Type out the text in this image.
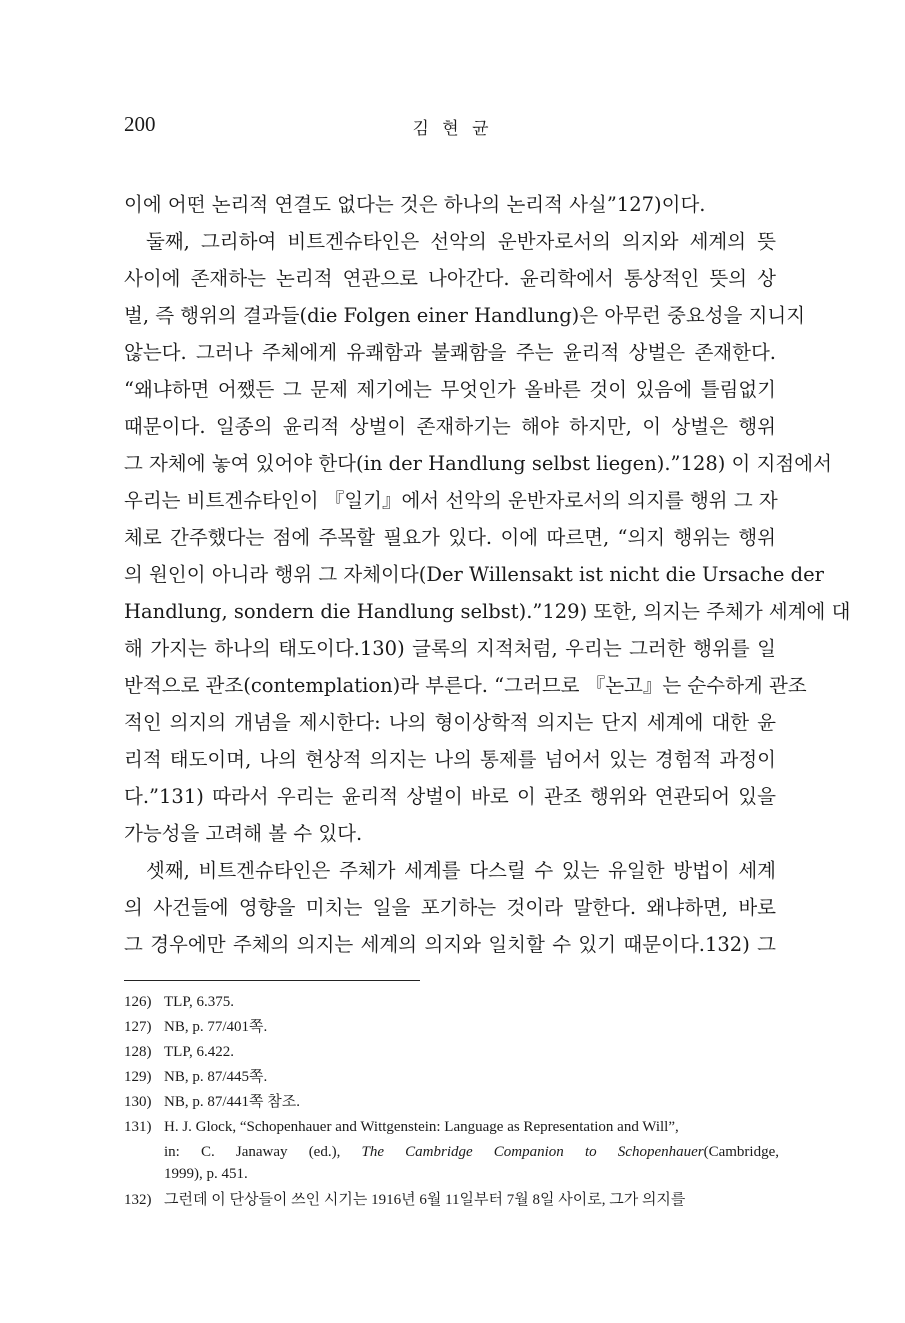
200	김 현 균
이에 어떤 논리적 연결도 없다는 것은 하나의 논리적 사실”127)이다.
둘째, 그리하여 비트겐슈타인은 선악의 운반자로서의 의지와 세계의 뜻
사이에 존재하는 논리적 연관으로 나아간다. 윤리학에서 통상적인 뜻의 상
벌, 즉 행위의 결과들(die Folgen einer Handlung)은 아무런 중요성을 지니지
않는다. 그러나 주체에게 유쾌함과 불쾌함을 주는 윤리적 상벌은 존재한다.
“왜냐하면 어쨌든 그 문제 제기에는 무엇인가 올바른 것이 있음에 틀림없기
때문이다. 일종의 윤리적 상벌이 존재하기는 해야 하지만, 이 상벌은 행위
그 자체에 놓여 있어야 한다(in der Handlung selbst liegen).”128) 이 지점에서
우리는 비트겐슈타인이 『일기』에서 선악의 운반자로서의 의지를 행위 그 자
체로 간주했다는 점에 주목할 필요가 있다. 이에 따르면, “의지 행위는 행위
의 원인이 아니라 행위 그 자체이다(Der Willensakt ist nicht die Ursache der
Handlung, sondern die Handlung selbst).”129) 또한, 의지는 주체가 세계에 대
해 가지는 하나의 태도이다.130) 글록의 지적처럼, 우리는 그러한 행위를 일
반적으로 관조(contemplation)라 부른다. “그러므로 『논고』는 순수하게 관조
적인 의지의 개념을 제시한다: 나의 형이상학적 의지는 단지 세계에 대한 윤
리적 태도이며, 나의 현상적 의지는 나의 통제를 넘어서 있는 경험적 과정이
다.”131) 따라서 우리는 윤리적 상벌이 바로 이 관조 행위와 연관되어 있을
가능성을 고려해 볼 수 있다.
셋째, 비트겐슈타인은 주체가 세계를 다스릴 수 있는 유일한 방법이 세계
의 사건들에 영향을 미치는 일을 포기하는 것이라 말한다. 왜냐하면, 바로
그 경우에만 주체의 의지는 세계의 의지와 일치할 수 있기 때문이다.132) 그
126) TLP, 6.375.
127) NB, p. 77/401쪽.
128) TLP, 6.422.
129) NB, p. 87/445쪽.
130) NB, p. 87/441쪽 참조.
131) H. J. Glock, “Schopenhauer and Wittgenstein: Language as Representation and Will”,
in: C. Janaway (ed.), The Cambridge Companion to Schopenhauer(Cambridge,
1999), p. 451.
132) 그런데 이 단상들이 쓰인 시기는 1916년 6월 11일부터 7월 8일 사이로, 그가 의지를
